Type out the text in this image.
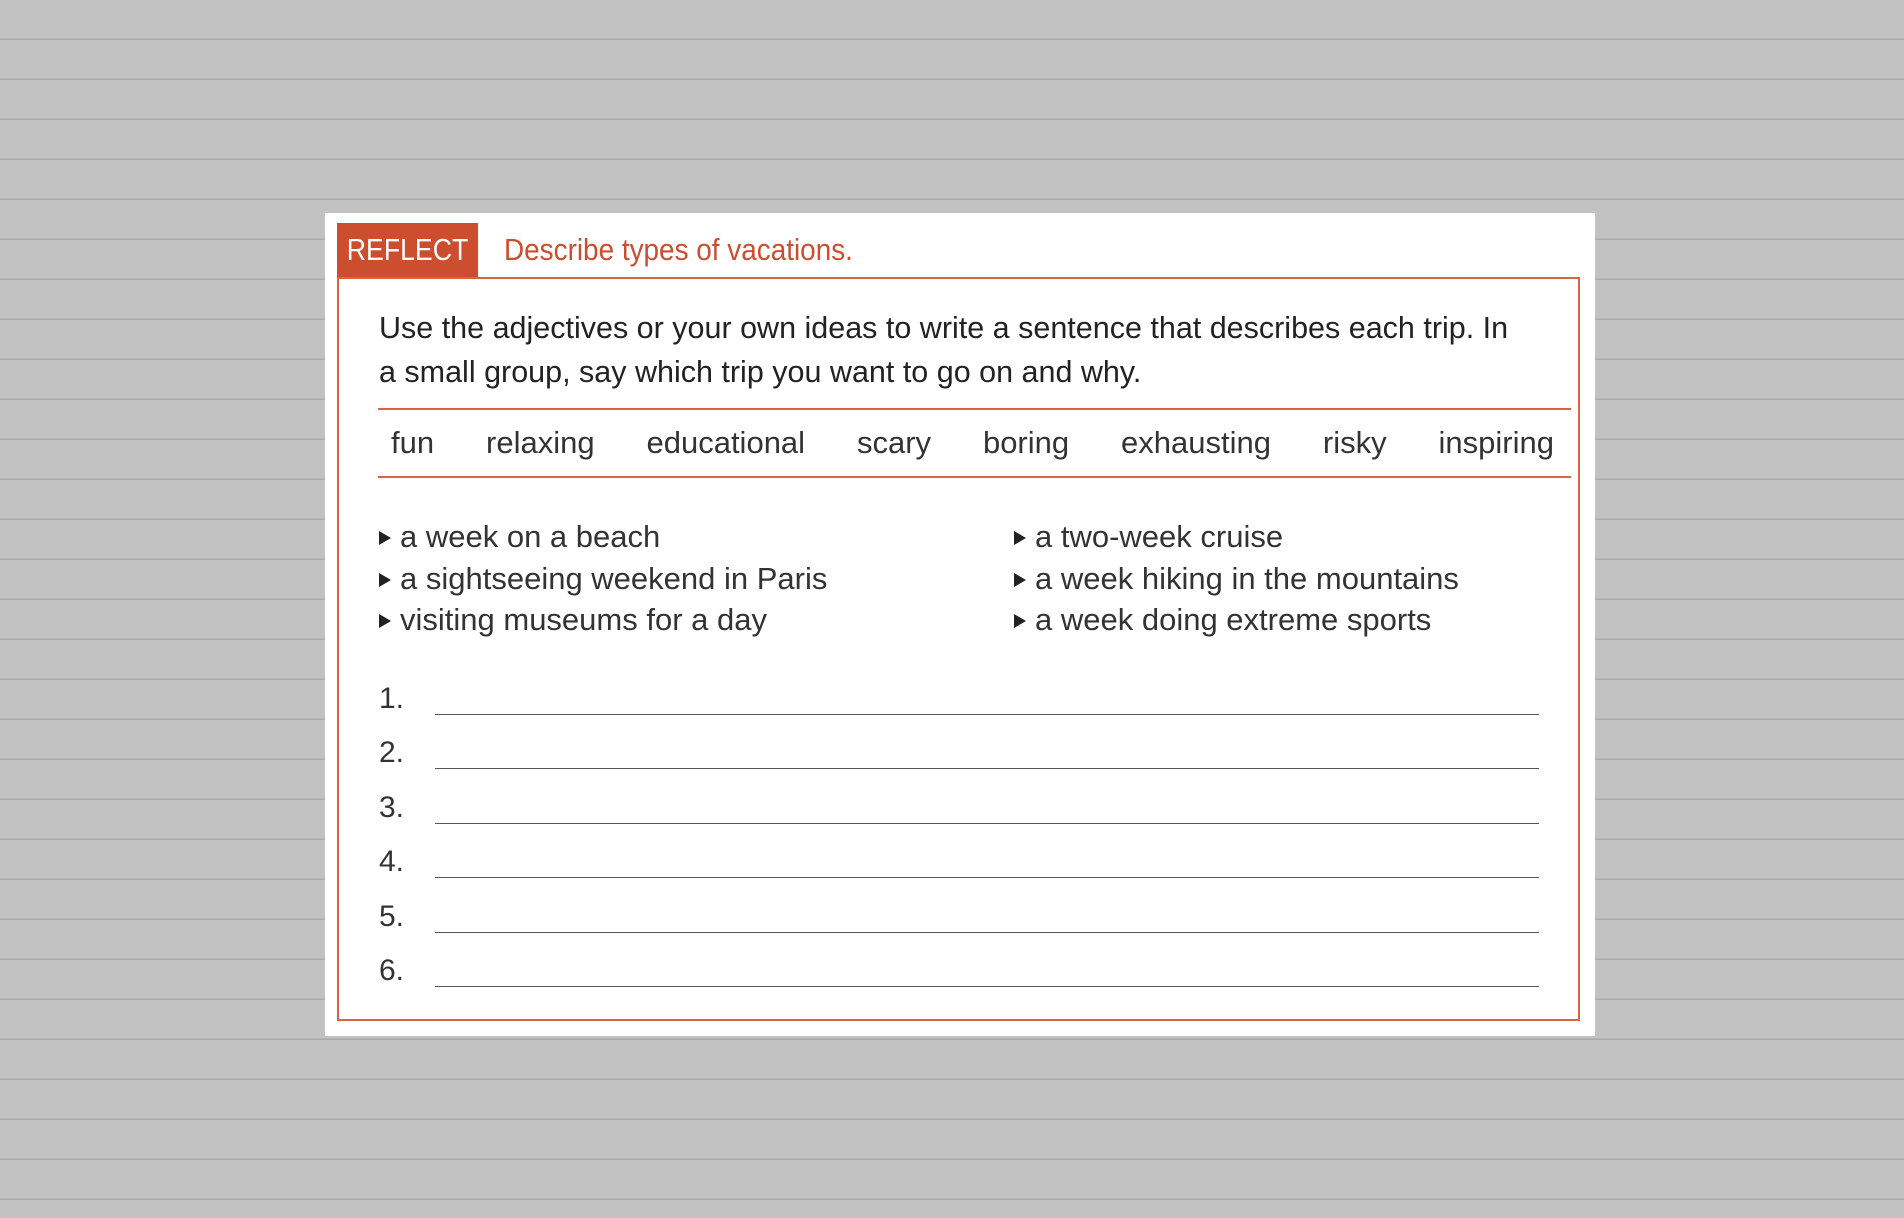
REFLECT	Describe types of vacations.

Use the adjectives or your own ideas to write a sentence that describes each trip. In a small group, say which trip you want to go on and why.

fun relaxing educational scary boring exhausting risky inspiring
a week on a beach
a sightseeing weekend in Paris
visiting museums for a day
a two-week cruise
a week hiking in the mountains
a week doing extreme sports
1.
2.
3.
4.
5.
6.
